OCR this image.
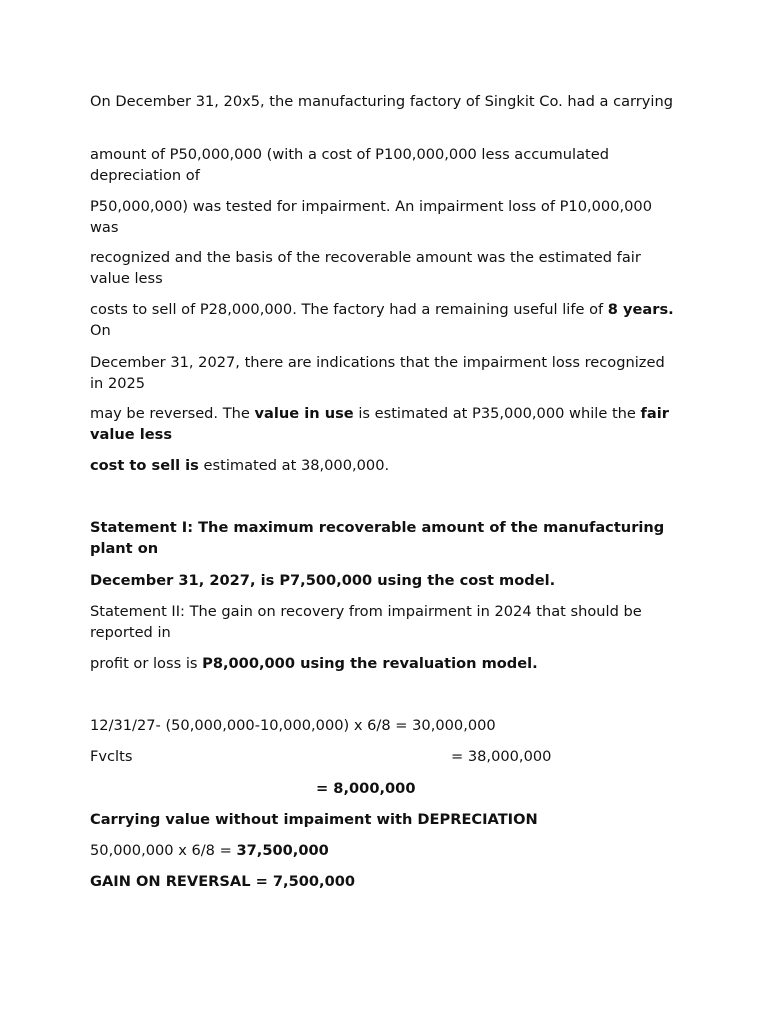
On December 31, 20x5, the manufacturing factory of Singkit Co. had a carrying

amount of P50,000,000 (with a cost of P100,000,000 less accumulated depreciation of

P50,000,000) was tested for impairment. An impairment loss of P10,000,000 was

recognized and the basis of the recoverable amount was the estimated fair value less

costs to sell of P28,000,000. The factory had a remaining useful life of 8 years. On

December 31, 2027, there are indications that the impairment loss recognized in 2025

may be reversed. The value in use is estimated at P35,000,000 while the fair value less

cost to sell is estimated at 38,000,000.

Statement I: The maximum recoverable amount of the manufacturing plant on

December 31, 2027, is P7,500,000 using the cost model.

Statement II: The gain on recovery from impairment in 2024 that should be reported in

profit or loss is P8,000,000 using the revaluation model.

12/31/27- (50,000,000-10,000,000) x 6/8 = 30,000,000

Fvclts	= 38,000,000

= 8,000,000

Carrying value without impaiment with DEPRECIATION

50,000,000 x 6/8 = 37,500,000

GAIN ON REVERSAL = 7,500,000
